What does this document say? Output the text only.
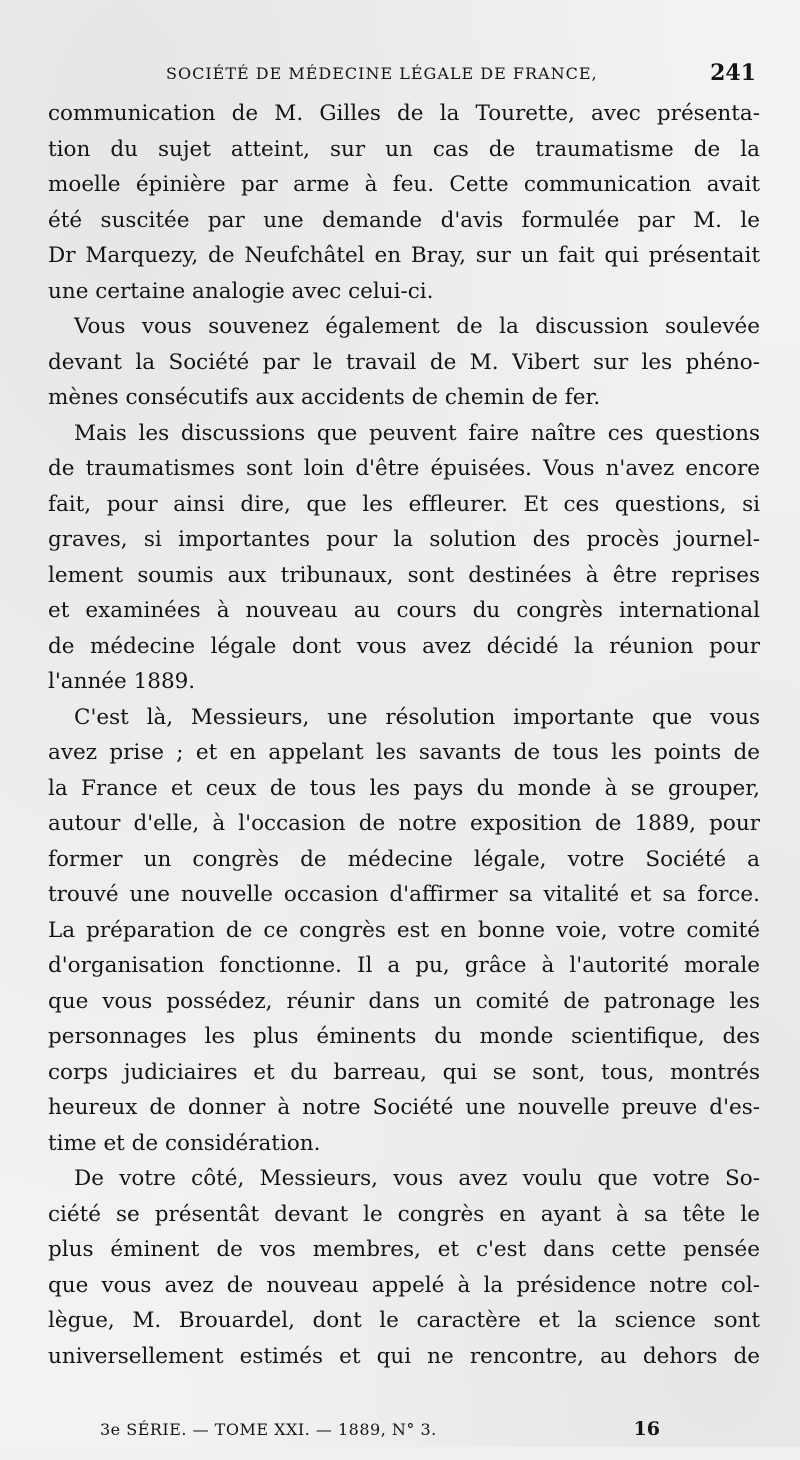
SOCIÉTÉ DE MÉDECINE LÉGALE DE FRANCE,	241
communication de M. Gilles de la Tourette, avec présenta-
tion du sujet atteint, sur un cas de traumatisme de la
moelle épinière par arme à feu. Cette communication avait
été suscitée par une demande d'avis formulée par M. le
Dr Marquezy, de Neufchâtel en Bray, sur un fait qui présentait
une certaine analogie avec celui-ci.
Vous vous souvenez également de la discussion soulevée
devant la Société par le travail de M. Vibert sur les phéno-
mènes consécutifs aux accidents de chemin de fer.
Mais les discussions que peuvent faire naître ces questions
de traumatismes sont loin d'être épuisées. Vous n'avez encore
fait, pour ainsi dire, que les effleurer. Et ces questions, si
graves, si importantes pour la solution des procès journel-
lement soumis aux tribunaux, sont destinées à être reprises
et examinées à nouveau au cours du congrès international
de médecine légale dont vous avez décidé la réunion pour
l'année 1889.
C'est là, Messieurs, une résolution importante que vous
avez prise ; et en appelant les savants de tous les points de
la France et ceux de tous les pays du monde à se grouper,
autour d'elle, à l'occasion de notre exposition de 1889, pour
former un congrès de médecine légale, votre Société a
trouvé une nouvelle occasion d'affirmer sa vitalité et sa force.
La préparation de ce congrès est en bonne voie, votre comité
d'organisation fonctionne. Il a pu, grâce à l'autorité morale
que vous possédez, réunir dans un comité de patronage les
personnages les plus éminents du monde scientifique, des
corps judiciaires et du barreau, qui se sont, tous, montrés
heureux de donner à notre Société une nouvelle preuve d'es-
time et de considération.
De votre côté, Messieurs, vous avez voulu que votre So-
ciété se présentât devant le congrès en ayant à sa tête le
plus éminent de vos membres, et c'est dans cette pensée
que vous avez de nouveau appelé à la présidence notre col-
lègue, M. Brouardel, dont le caractère et la science sont
universellement estimés et qui ne rencontre, au dehors de
3e SÉRIE. — TOME XXI. — 1889, N° 3.	16
